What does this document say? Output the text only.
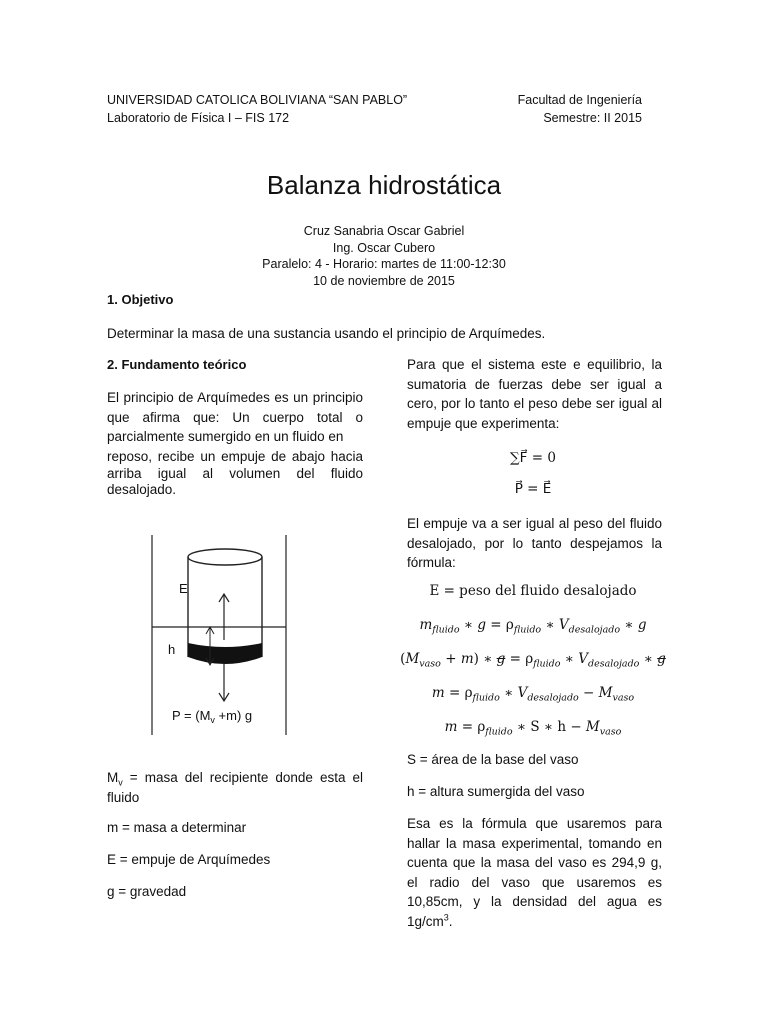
UNIVERSIDAD CATOLICA BOLIVIANA “SAN PABLO”
Laboratorio de Física I – FIS 172
Facultad de Ingeniería
Semestre: II 2015
Balanza hidrostática
Cruz Sanabria Oscar Gabriel
Ing. Oscar Cubero
Paralelo: 4 - Horario: martes de 11:00-12:30
10 de noviembre de 2015
1. Objetivo
Determinar la masa de una sustancia usando el principio de Arquímedes.
2. Fundamento teórico
El principio de Arquímedes es un principio que afirma que: Un cuerpo total o parcialmente sumergido en un fluido en
reposo, recibe un empuje de abajo hacia arriba igual al volumen del fluido desalojado.
E
h
$P = (M_v +m)$ g
$M_v$ = masa del recipiente donde esta el fluido
m = masa a determinar
E = empuje de Arquímedes
g = gravedad
Para que el sistema este e equilibrio, la sumatoria de fuerzas debe ser igual a cero, por lo tanto el peso debe ser igual al empuje que experimenta:
∑F⃗ = 0
P⃗ = E⃗
El empuje va a ser igual al peso del fluido desalojado, por lo tanto despejamos la fórmula:
E = peso del fluido desalojado
$m_{fluido}$ ∗ $g = \rho_{fluido}$ ∗ $V_{desalojado}$ ∗ g
$(M_{vaso} + m)$ ∗ $g = \rho_{fluido}$ ∗ $V_{desalojado}$ ∗ g
$m = \rho_{fluido}$ ∗ $V_{desalojado} - M_{vaso}$
$m = \rho_{fluido}$ ∗ S ∗ $h - M_{vaso}$
S = área de la base del vaso
h = altura sumergida del vaso
Esa es la fórmula que usaremos para hallar la masa experimental, tomando en cuenta que la masa del vaso es 294,9 g, el radio del vaso que usaremos es 10,85cm, y la densidad del agua es $1g/cm^3$.
